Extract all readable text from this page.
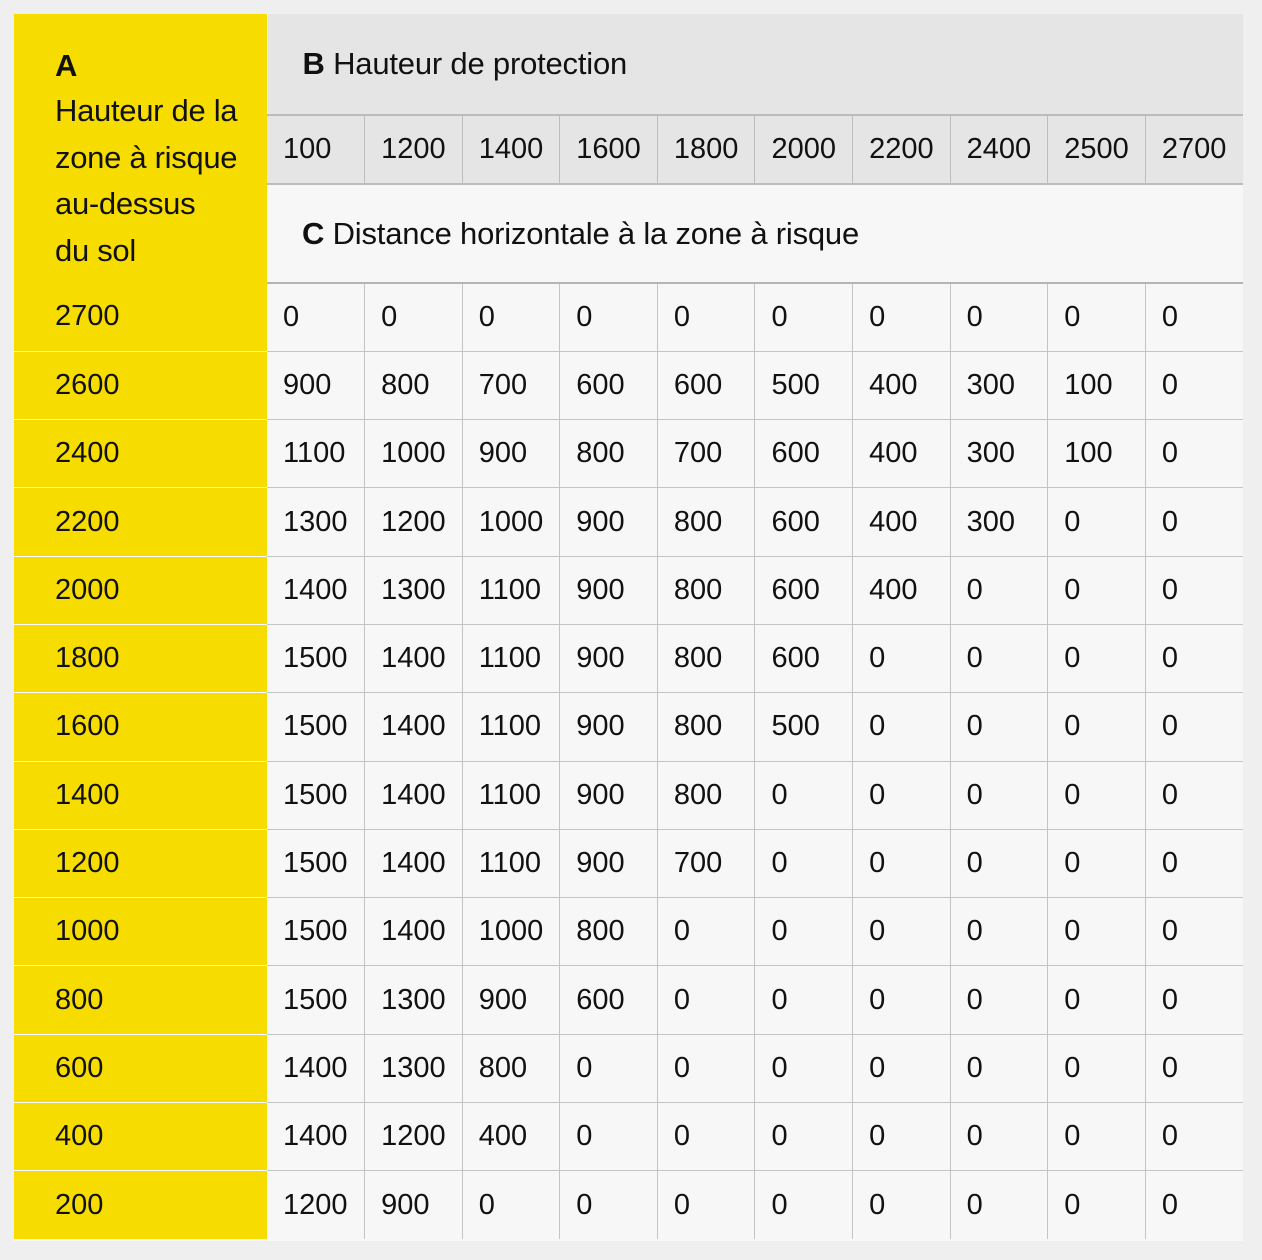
A
Hauteur de la
zone à risque
au-dessus
du sol	B Hauteur de protection									
	100	1200	1400	1600	1800	2000	2200	2400	2500	2700
	C Distance horizontale à la zone à risque									
2700	0	0	0	0	0	0	0	0	0	0
2600	900	800	700	600	600	500	400	300	100	0
2400	1100	1000	900	800	700	600	400	300	100	0
2200	1300	1200	1000	900	800	600	400	300	0	0
2000	1400	1300	1100	900	800	600	400	0	0	0
1800	1500	1400	1100	900	800	600	0	0	0	0
1600	1500	1400	1100	900	800	500	0	0	0	0
1400	1500	1400	1100	900	800	0	0	0	0	0
1200	1500	1400	1100	900	700	0	0	0	0	0
1000	1500	1400	1000	800	0	0	0	0	0	0
800	1500	1300	900	600	0	0	0	0	0	0
600	1400	1300	800	0	0	0	0	0	0	0
400	1400	1200	400	0	0	0	0	0	0	0
200	1200	900	0	0	0	0	0	0	0	0
